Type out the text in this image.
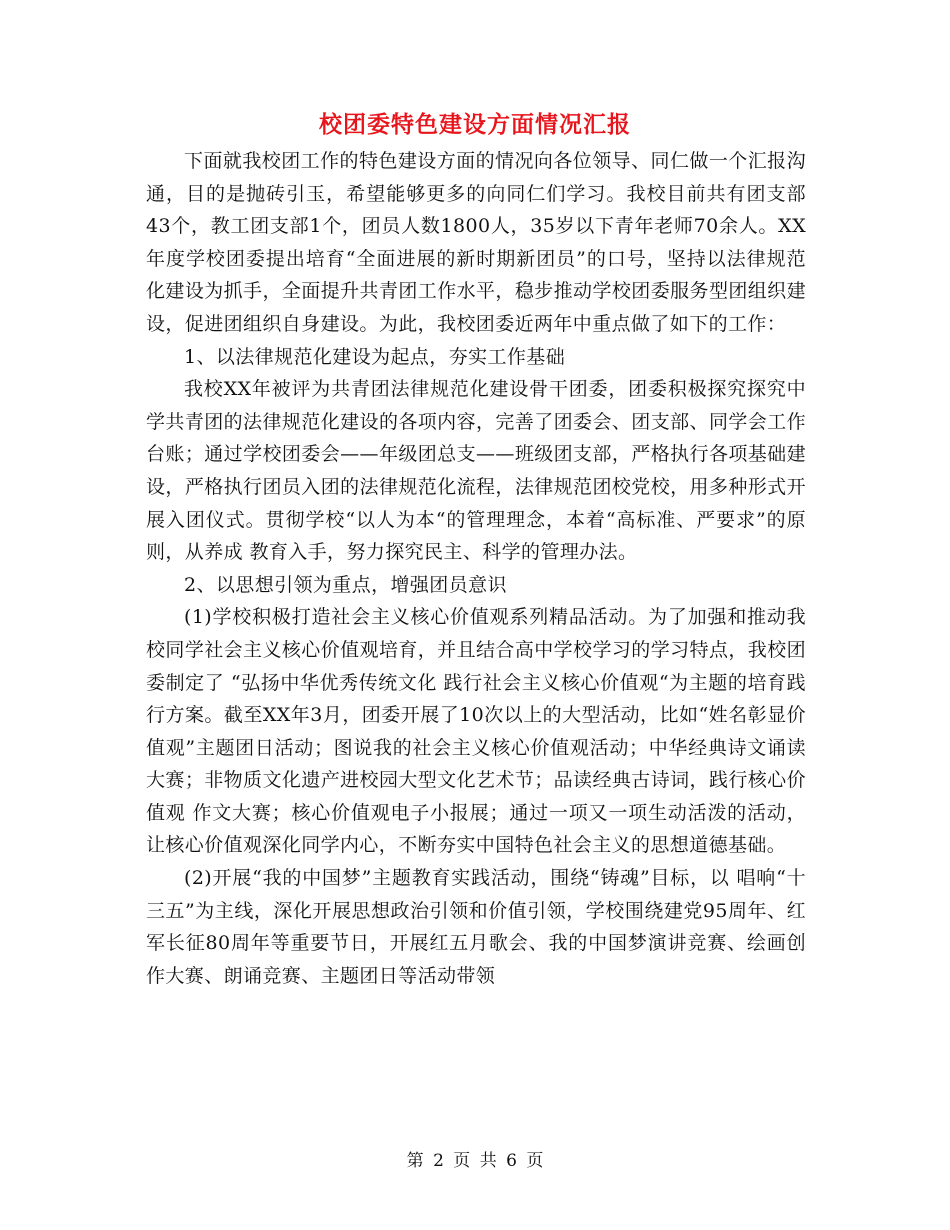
校团委特色建设方面情况汇报

下面就我校团工作的特色建设方面的情况向各位领导、同仁做一个汇报沟通，目的是抛砖引玉，希望能够更多的向同仁们学习。我校目前共有团支部43个，教工团支部1个，团员人数1800人，35岁以下青年老师70余人。XX年度学校团委提出培育“全面进展的新时期新团员”的口号，坚持以法律规范化建设为抓手，全面提升共青团工作水平，稳步推动学校团委服务型团组织建设，促进团组织自身建设。为此，我校团委近两年中重点做了如下的工作：

1、以法律规范化建设为起点，夯实工作基础

我校XX年被评为共青团法律规范化建设骨干团委，团委积极探究探究中学共青团的法律规范化建设的各项内容，完善了团委会、团支部、同学会工作台账；通过学校团委会——年级团总支——班级团支部，严格执行各项基础建设，严格执行团员入团的法律规范化流程，法律规范团校党校，用多种形式开展入团仪式。贯彻学校“以人为本“的管理理念，本着“高标准、严要求”的原则，从养成 教育入手，努力探究民主、科学的管理办法。

2、以思想引领为重点，增强团员意识

(1)学校积极打造社会主义核心价值观系列精品活动。为了加强和推动我校同学社会主义核心价值观培育，并且结合高中学校学习的学习特点，我校团委制定了 “弘扬中华优秀传统文化 践行社会主义核心价值观“为主题的培育践行方案。截至XX年3月，团委开展了10次以上的大型活动，比如“姓名彰显价值观”主题团日活动；图说我的社会主义核心价值观活动；中华经典诗文诵读大赛；非物质文化遗产进校园大型文化艺术节；品读经典古诗词，践行核心价值观 作文大赛；核心价值观电子小报展；通过一项又一项生动活泼的活动，让核心价值观深化同学内心，不断夯实中国特色社会主义的思想道德基础。

(2)开展“我的中国梦”主题教育实践活动，围绕“铸魂”目标，以 唱响“十三五”为主线，深化开展思想政治引领和价值引领，学校围绕建党95周年、红军长征80周年等重要节日，开展红五月歌会、我的中国梦演讲竞赛、绘画创作大赛、朗诵竞赛、主题团日等活动带领

第 2 页 共 6 页
